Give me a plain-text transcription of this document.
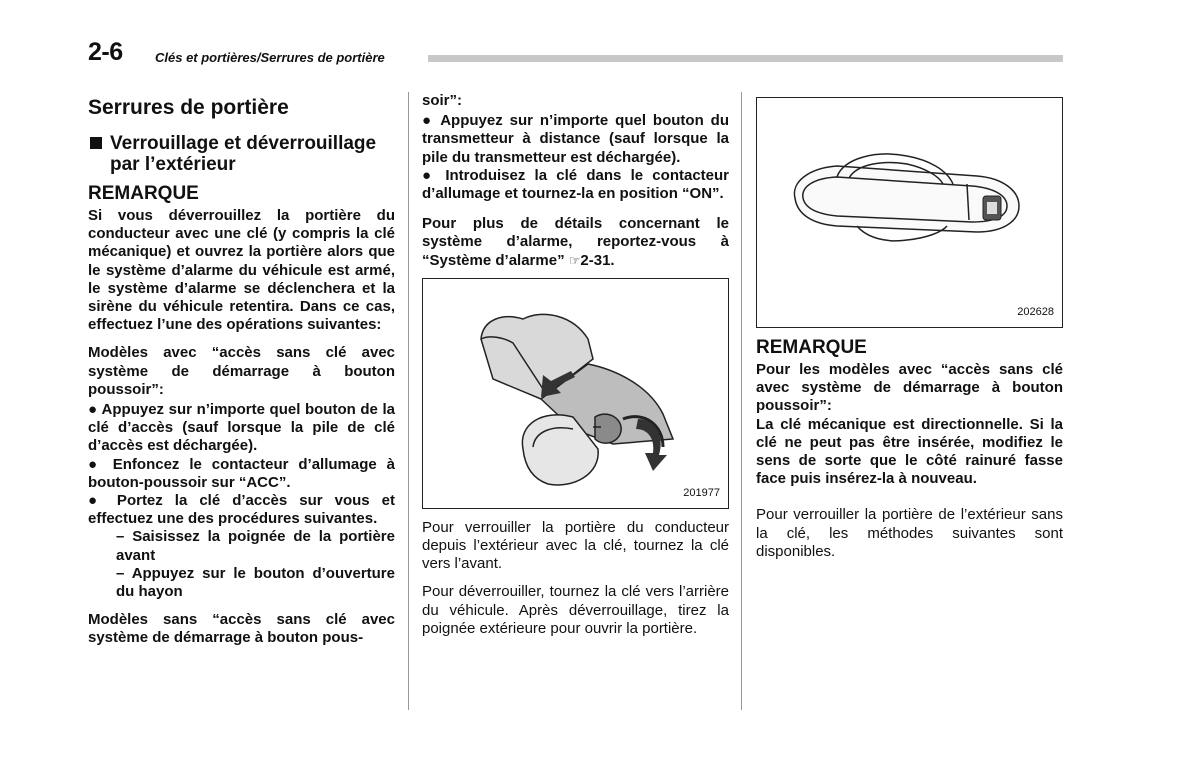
2-6 Clés et portières/Serrures de portière
Serrures de portière
Verrouillage et déverrouillage par l’extérieur
REMARQUE

Si vous déverrouillez la portière du conducteur avec une clé (y compris la clé mécanique) et ouvrez la portière alors que le système d’alarme du véhicule est armé, le système d’alarme se déclenchera et la sirène du véhicule retentira. Dans ce cas, effectuez l’une des opérations suivantes:

Modèles avec “accès sans clé avec système de démarrage à bouton poussoir”:

● Appuyez sur n’importe quel bouton de la clé d’accès (sauf lorsque la pile de clé d’accès est déchargée).

● Enfoncez le contacteur d’allumage à bouton-poussoir sur “ACC”.

● Portez la clé d’accès sur vous et effectuez une des procédures suivantes.

– Saisissez la poignée de la portière avant

– Appuyez sur le bouton d’ouverture du hayon

Modèles sans “accès sans clé avec système de démarrage à bouton pous-

soir”:

● Appuyez sur n’importe quel bouton du transmetteur à distance (sauf lorsque la pile du transmetteur est déchargée).

● Introduisez la clé dans le contacteur d’allumage et tournez-la en position “ON”.

Pour plus de détails concernant le système d’alarme, reportez-vous à “Système d’alarme” ☞2-31.

201977

Pour verrouiller la portière du conducteur depuis l’extérieur avec la clé, tournez la clé vers l’avant.

Pour déverrouiller, tournez la clé vers l’arrière du véhicule. Après déverrouillage, tirez la poignée extérieure pour ouvrir la portière.

202628
REMARQUE

Pour les modèles avec “accès sans clé avec système de démarrage à bouton poussoir”:

La clé mécanique est directionnelle. Si la clé ne peut pas être insérée, modifiez le sens de sorte que le côté rainuré fasse face puis insérez-la à nouveau.

Pour verrouiller la portière de l’extérieur sans la clé, les méthodes suivantes sont disponibles.
